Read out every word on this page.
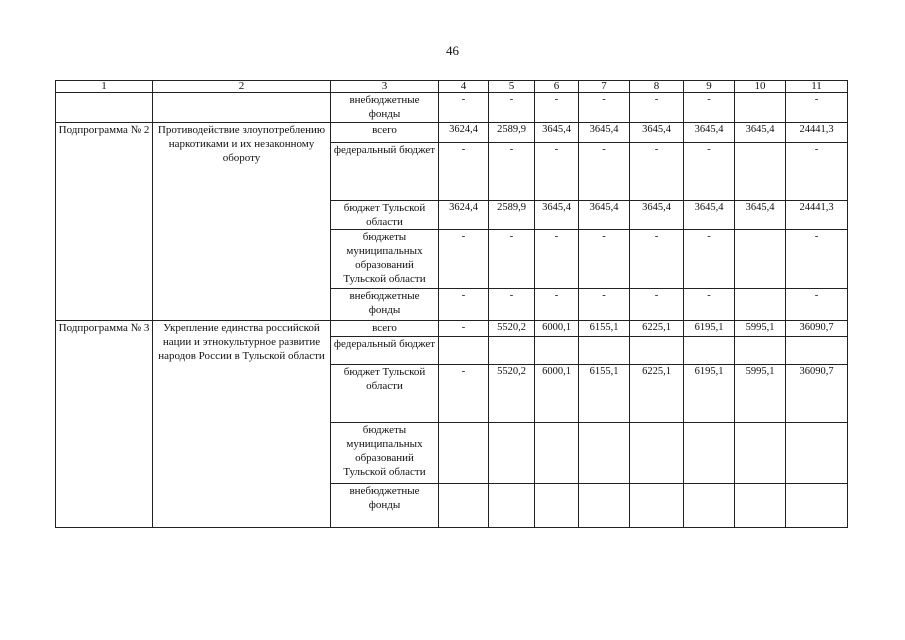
46
1	2	3	4	5	6	7	8	9	10	11
		внебюджетные фонды	-	-	-	-	-	-		-
Подпрограмма № 2	Противодействие злоупотреблению наркотиками и их незаконному обороту	всего	3624,4	2589,9	3645,4	3645,4	3645,4	3645,4	3645,4	24441,3
		федеральный бюджет	-	-	-	-	-	-		-
		бюджет Тульской области	3624,4	2589,9	3645,4	3645,4	3645,4	3645,4	3645,4	24441,3
		бюджеты муниципальных образований Тульской области	-	-	-	-	-	-		-
		внебюджетные фонды	-	-	-	-	-	-		-
Подпрограмма № 3	Укрепление единства российской нации и этнокультурное развитие народов России в Тульской области	всего	-	5520,2	6000,1	6155,1	6225,1	6195,1	5995,1	36090,7
		федеральный бюджет								
		бюджет Тульской области	-	5520,2	6000,1	6155,1	6225,1	6195,1	5995,1	36090,7
		бюджеты муниципальных образований Тульской области								
		внебюджетные фонды								
